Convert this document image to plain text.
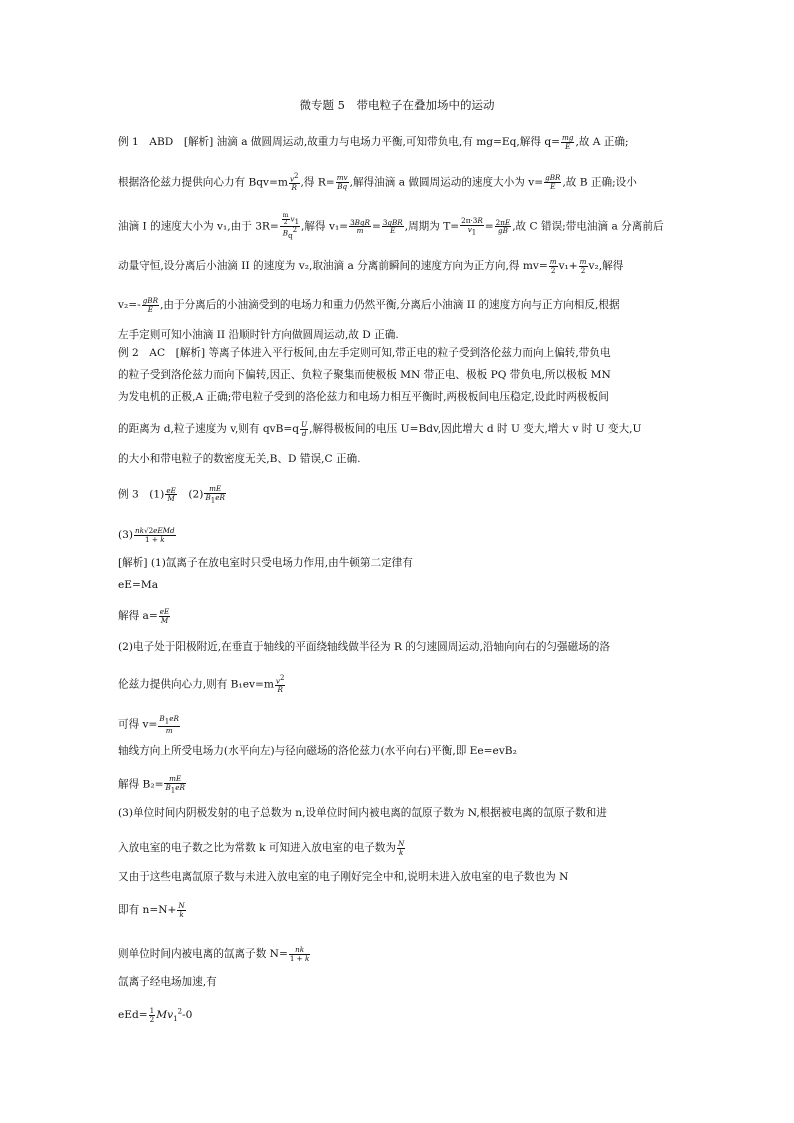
微专题 5　带电粒子在叠加场中的运动
例 1　ABD　[解析] 油滴 a 做圆周运动,故重力与电场力平衡,可知带负电,有 mg=Eq,解得 $q= \frac{mg}{E}$ ,故 A 正确;
根据洛伦兹力提供向心力有 $Bqv=m \frac{v2}{R}$ ,得 $R= \frac{mv}{Bq}$ ,解得油滴 a 做圆周运动的速度大小为 $v= \frac{\text{gBR}}{E}$ ,故 B 正确;设小
油滴 I 的速度大小为 v₁,由于 $3R= \frac{\frac{m}{2} v1}{Bq2}$ ,解得 $v_1= \frac{\text{3BqR}}{m} = \frac{\text{3gBR}}{E}$ ,周期为 $T= \frac{2\pi\cdot 3R}{v1} = \frac{2\pi E}{gB}$ ,故 C 错误;带电油滴 a 分离前后
动量守恒,设分离后小油滴 II 的速度为 v₂,取油滴 a 分离前瞬间的速度方向为正方向,得 $mv= \frac{m}{2} v_1+ \frac{m}{2} v_2$,解得
$v_2=- \frac{\text{gBR}}{E}$ ,由于分离后的小油滴受到的电场力和重力仍然平衡,分离后小油滴 II 的速度方向与正方向相反,根据
左手定则可知小油滴 II 沿顺时针方向做圆周运动,故 D 正确.
例 2　AC　[解析] 等离子体进入平行板间,由左手定则可知,带正电的粒子受到洛伦兹力而向上偏转,带负电
的粒子受到洛伦兹力而向下偏转,因正、负粒子聚集而使极板 MN 带正电、极板 PQ 带负电,所以极板 MN
为发电机的正极,A 正确;带电粒子受到的洛伦兹力和电场力相互平衡时,两极板间电压稳定,设此时两极板间
的距离为 d,粒子速度为 v,则有 $qvB=q \frac{U}{d}$ ,解得极板间的电压 U=Bdv,因此增大 d 时 U 变大,增大 v 时 U 变大,U
的大小和带电粒子的数密度无关,B、D 错误,C 正确.
例 3　$(1) \frac{eE}{M}$ 　$(2) \frac{mE}{B1eR}$
$(3) \frac{\text{nk√2eEMd}}{1 + k}$
[解析] (1)氙离子在放电室时只受电场力作用,由牛顿第二定律有
eE=Ma
解得 $a= \frac{eE}{M}$
(2)电子处于阳极附近,在垂直于轴线的平面绕轴线做半径为 R 的匀速圆周运动,沿轴向向右的匀强磁场的洛
伦兹力提供向心力,则有 $B_1ev=m \frac{v2}{R}$
可得 $v= \frac{B1eR}{m}$
轴线方向上所受电场力(水平向左)与径向磁场的洛伦兹力(水平向右)平衡,即 Ee=evB₂
解得 $B_2= \frac{mE}{B1eR}$
(3)单位时间内阴极发射的电子总数为 n,设单位时间内被电离的氙原子数为 N,根据被电离的氙原子数和进
入放电室的电子数之比为常数 k 可知进入放电室的电子数为 $\frac{N}{k}$
又由于这些电离氙原子数与未进入放电室的电子刚好完全中和,说明未进入放电室的电子数也为 N
即有 $n=N+ \frac{N}{k}$
则单位时间内被电离的氙离子数 $N= \frac{nk}{1 + k}$
氙离子经电场加速,有
$eEd= \frac{1}{2} Mv_1^2-0$
